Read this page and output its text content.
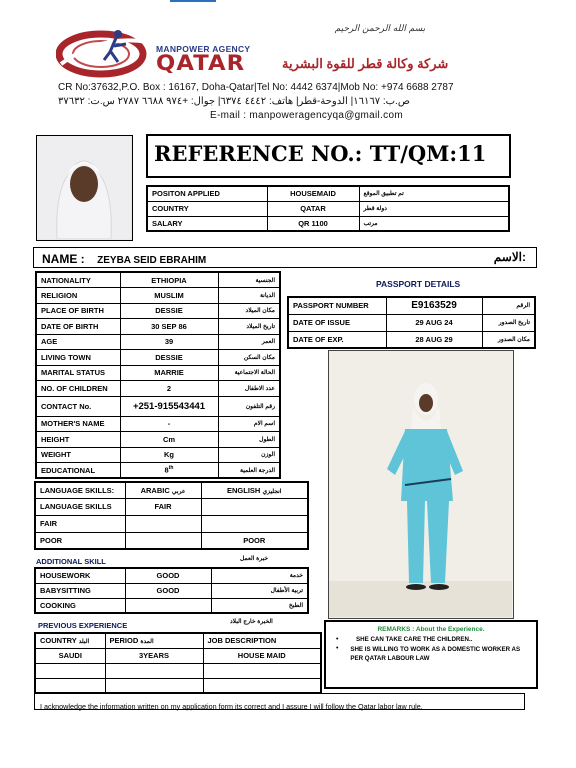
بسم الله الرحمن الرحيم
MANPOWER AGENCY
QATAR	شركة وكالة قطر للقوة البشرية
CR No:37632,P.O. Box : 16167, Doha-Qatar|Tel No: 4442 6374|Mob No: +974 6688 2787
ص.ب: ١٦١٦٧| الدوحة-قطر| هاتف: ٤٤٤٢ ٦٣٧٤| جوال: +٩٧٤ ٦٦٨٨ ٢٧٨٧ س.ت: ٣٧٦٣٢
E-mail : manpoweragencyqa@gmail.com
REFERENCE NO.: TT/QM:11
POSITON APPLIED	HOUSEMAID	تم تطبيق الموقع
COUNTRY	QATAR	دولة قطر
SALARY	QR 1100	مرتب
NAME : ZEYBA SEID EBRAHIM	الاسم:
NATIONALITY	ETHIOPIA	الجنسية
RELIGION	MUSLIM	الديانة
PLACE OF BIRTH	DESSIE	مكان الميلاد
DATE OF BIRTH	30 SEP 86	تاريخ الميلاد
AGE	39	العمر
LIVING TOWN	DESSIE	مكان السكن
MARITAL STATUS	MARRIE	الحالة الاجتماعية
NO. OF CHILDREN	2	عدد الاطفال
CONTACT No.	+251-915543441	رقم التلفون
MOTHER'S NAME	-	اسم الام
HEIGHT	Cm	الطول
WEIGHT	Kg	الوزن
EDUCATIONAL	8th	الدرجة العلمية
PASSPORT DETAILS
PASSPORT NUMBER	E9163529	الرقم
DATE OF ISSUE	29 AUG 24	تاريخ الصدور
DATE OF EXP.	28 AUG 29	مكان الصدور
LANGUAGE SKILLS:	ARABIC عربي	ENGLISH انجليزي
LANGUAGE SKILLS	FAIR	
FAIR		
POOR		POOR
ADDITIONAL SKILL	خبرة العمل
HOUSEWORK	GOOD	خدمة
BABYSITTING	GOOD	تربية الأطفال
COOKING		الطبخ
PREVIOUS EXPERIENCE	الخبرة خارج البلاد
COUNTRY البلد	PERIOD المدة	JOB DESCRIPTION
SAUDI	3YEARS	HOUSE MAID

REMARKS : About the Experience.
•	SHE CAN TAKE CARE THE CHILDREN..
•	SHE IS WILLING TO WORK AS A DOMESTIC WORKER AS PER QATAR LABOUR LAW
I acknowledge the information written on my application form its correct and I assure I will follow the Qatar labor law rule.
